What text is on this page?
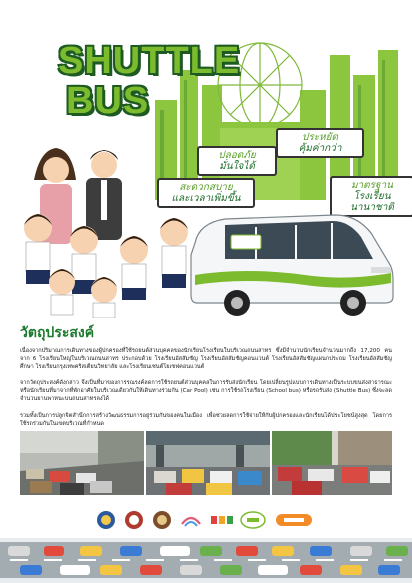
SHUTTLE
BUS
ประหยัด
คุ้มค่ากว่า
ปลอดภัย
มั่นใจได้
มาตรฐาน
โรงเรียนนานาชาติ
สะดวกสบาย
และเวลาเพิ่มขึ้น
วัตถุประสงค์

เนื่องจากปริมาณการเดินทางของผู้ปกครองที่ใช้รถยนต์ส่วนบุคคลของนักเรียนโรงเรียนในบริเวณถนนสาทร ซึ่งมีจำนวนนักเรียนจำนวนมากถึง 17,200 คน จาก 6 โรงเรียนใหญ่ในบริเวณถนนสาทร ประกอบด้วย โรงเรียนอัสสัมชัญ โรงเรียนอัสสัมชัญคอนแวนต์ โรงเรียนอัสสัมชัญแผนกประถม โรงเรียนอัสสัมชัญศึกษา โรงเรียนกรุงเทพคริสเตียนวิทยาลัย และโรงเรียนเซนต์โยเซฟคอนแวนต์

จากวัตถุประสงค์ดังกล่าว จึงเป็นที่มาของการรณรงค์ลดการใช้รถยนต์ส่วนบุคคลในการรับส่งนักเรียน โดยเปลี่ยนรูปแบบการเดินทางเป็นระบบขนส่งสาธารณะ หรือนักเรียนที่มาจากที่พักอาศัยในบริเวณเดียวกันให้เดินทางร่วมกัน (Car Pool) เช่น การใช้รถโรงเรียน (School bus) หรือรถรับส่ง (Shuttle Bus) ซึ่งจะลดจำนวนยานพาหนะบนถนนสาทรลงได้

รวมทั้งเป็นการปลูกจิตสำนึกการสร้างวัฒนธรรมการอยู่ร่วมกันของคนในเมือง เพื่อช่วยลดการใช้จ่ายให้กับผู้ปกครองและนักเรียนได้ประโยชน์สูงสุด โดยการใช้รถร่วมกันในเขตบริเวณที่กำหนด
